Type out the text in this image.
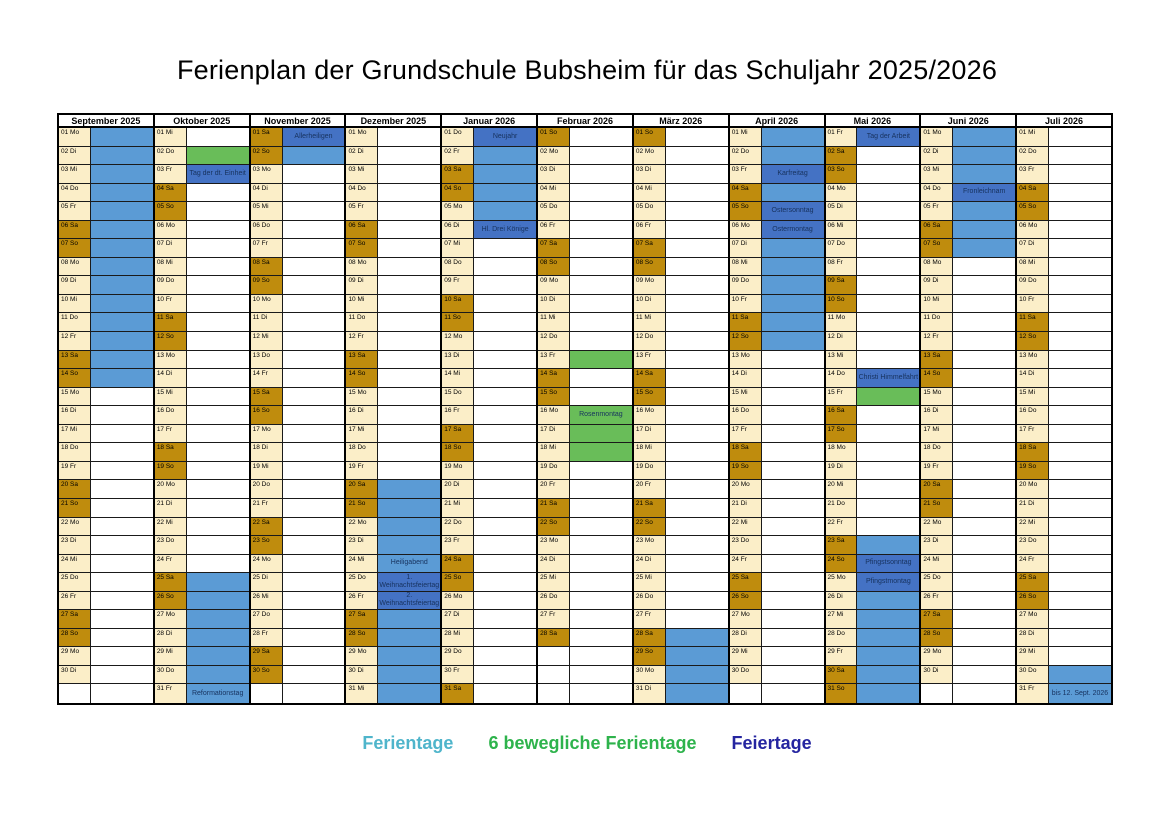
Ferienplan der Grundschule Bubsheim für das Schuljahr 2025/2026
September 2025
01 Mo
02 Di
03 Mi
04 Do
05 Fr
06 Sa
07 So
08 Mo
09 Di
10 Mi
11 Do
12 Fr
13 Sa
14 So
15 Mo
16 Di
17 Mi
18 Do
19 Fr
20 Sa
21 So
22 Mo
23 Di
24 Mi
25 Do
26 Fr
27 Sa
28 So
29 Mo
30 Di
Oktober 2025
01 Mi
02 Do
03 Fr
Tag der dt. Einheit
04 Sa
05 So
06 Mo
07 Di
08 Mi
09 Do
10 Fr
11 Sa
12 So
13 Mo
14 Di
15 Mi
16 Do
17 Fr
18 Sa
19 So
20 Mo
21 Di
22 Mi
23 Do
24 Fr
25 Sa
26 So
27 Mo
28 Di
29 Mi
30 Do
31 Fr
Reformationstag
November 2025
01 Sa
Allerheiligen
02 So
03 Mo
04 Di
05 Mi
06 Do
07 Fr
08 Sa
09 So
10 Mo
11 Di
12 Mi
13 Do
14 Fr
15 Sa
16 So
17 Mo
18 Di
19 Mi
20 Do
21 Fr
22 Sa
23 So
24 Mo
25 Di
26 Mi
27 Do
28 Fr
29 Sa
30 So
Dezember 2025
01 Mo
02 Di
03 Mi
04 Do
05 Fr
06 Sa
07 So
08 Mo
09 Di
10 Mi
11 Do
12 Fr
13 Sa
14 So
15 Mo
16 Di
17 Mi
18 Do
19 Fr
20 Sa
21 So
22 Mo
23 Di
24 Mi
Heiligabend
25 Do	1. Weihnachtsfeiertag
26 Fr	2. Weihnachtsfeiertag
27 Sa
28 So
29 Mo
30 Di
31 Mi
Januar 2026
01 Do
Neujahr
02 Fr
03 Sa
04 So
05 Mo
06 Di
Hl. Drei Könige
07 Mi
08 Do
09 Fr
10 Sa
11 So
12 Mo
13 Di
14 Mi
15 Do
16 Fr
17 Sa
18 So
19 Mo
20 Di
21 Mi
22 Do
23 Fr
24 Sa
25 So
26 Mo
27 Di
28 Mi
29 Do
30 Fr
31 Sa
Februar 2026
01 So
02 Mo
03 Di
04 Mi
05 Do
06 Fr
07 Sa
08 So
09 Mo
10 Di
11 Mi
12 Do
13 Fr
14 Sa
15 So
16 Mo
Rosenmontag
17 Di
18 Mi
19 Do
20 Fr
21 Sa
22 So
23 Mo
24 Di
25 Mi
26 Do
27 Fr
28 Sa
März 2026
01 So
02 Mo
03 Di
04 Mi
05 Do
06 Fr
07 Sa
08 So
09 Mo
10 Di
11 Mi
12 Do
13 Fr
14 Sa
15 So
16 Mo
17 Di
18 Mi
19 Do
20 Fr
21 Sa
22 So
23 Mo
24 Di
25 Mi
26 Do
27 Fr
28 Sa
29 So
30 Mo
31 Di
April 2026
01 Mi
02 Do
03 Fr
Karfreitag
04 Sa
05 So
Ostersonntag
06 Mo
Ostermontag
07 Di
08 Mi
09 Do
10 Fr
11 Sa
12 So
13 Mo
14 Di
15 Mi
16 Do
17 Fr
18 Sa
19 So
20 Mo
21 Di
22 Mi
23 Do
24 Fr
25 Sa
26 So
27 Mo
28 Di
29 Mi
30 Do
Mai 2026
01 Fr
Tag der Arbeit
02 Sa
03 So
04 Mo
05 Di
06 Mi
07 Do
08 Fr
09 Sa
10 So
11 Mo
12 Di
13 Mi
14 Do
Christi Himmelfahrt
15 Fr
16 Sa
17 So
18 Mo
19 Di
20 Mi
21 Do
22 Fr
23 Sa
24 So
Pfingstsonntag
25 Mo
Pfingstmontag
26 Di
27 Mi
28 Do
29 Fr
30 Sa
31 So
Juni 2026
01 Mo
02 Di
03 Mi
04 Do
Fronleichnam
05 Fr
06 Sa
07 So
08 Mo
09 Di
10 Mi
11 Do
12 Fr
13 Sa
14 So
15 Mo
16 Di
17 Mi
18 Do
19 Fr
20 Sa
21 So
22 Mo
23 Di
24 Mi
25 Do
26 Fr
27 Sa
28 So
29 Mo
30 Di
Juli 2026
01 Mi
02 Do
03 Fr
04 Sa
05 So
06 Mo
07 Di
08 Mi
09 Do
10 Fr
11 Sa
12 So
13 Mo
14 Di
15 Mi
16 Do
17 Fr
18 Sa
19 So
20 Mo
21 Di
22 Mi
23 Do
24 Fr
25 Sa
26 So
27 Mo
28 Di
29 Mi
30 Do
31 Fr
bis 12. Sept. 2026
Ferientage 6 bewegliche Ferientage Feiertage
